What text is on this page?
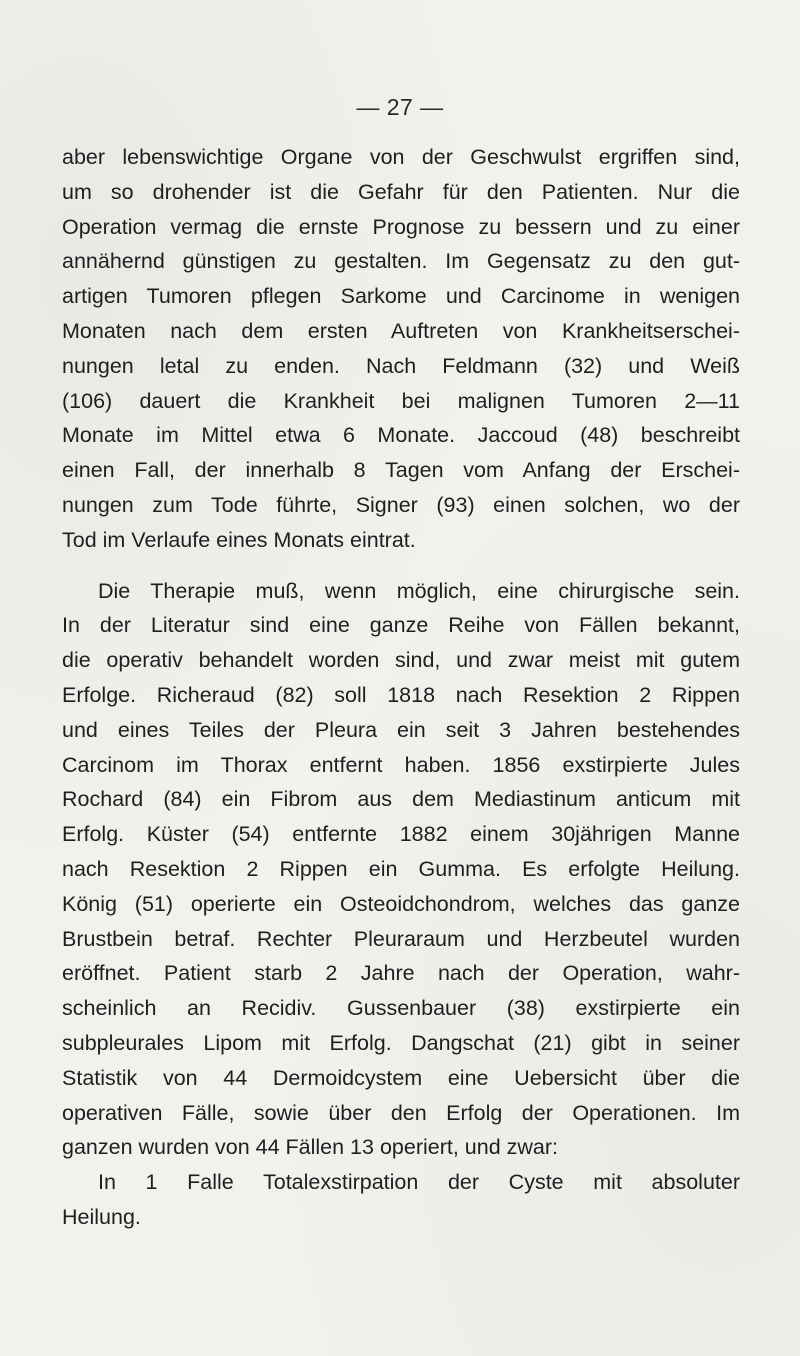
— 27 —
aber lebenswichtige Organe von der Geschwulst ergriffen sind,
um so drohender ist die Gefahr für den Patienten. Nur die
Operation vermag die ernste Prognose zu bessern und zu einer
annähernd günstigen zu gestalten. Im Gegensatz zu den gut-
artigen Tumoren pflegen Sarkome und Carcinome in wenigen
Monaten nach dem ersten Auftreten von Krankheitserschei-
nungen letal zu enden. Nach Feldmann (32) und Weiß
(106) dauert die Krankheit bei malignen Tumoren 2—11
Monate im Mittel etwa 6 Monate. Jaccoud (48) beschreibt
einen Fall, der innerhalb 8 Tagen vom Anfang der Erschei-
nungen zum Tode führte, Signer (93) einen solchen, wo der
Tod im Verlaufe eines Monats eintrat.
Die Therapie muß, wenn möglich, eine chirurgische sein.
In der Literatur sind eine ganze Reihe von Fällen bekannt,
die operativ behandelt worden sind, und zwar meist mit gutem
Erfolge. Richeraud (82) soll 1818 nach Resektion 2 Rippen
und eines Teiles der Pleura ein seit 3 Jahren bestehendes
Carcinom im Thorax entfernt haben. 1856 exstirpierte Jules
Rochard (84) ein Fibrom aus dem Mediastinum anticum mit
Erfolg. Küster (54) entfernte 1882 einem 30jährigen Manne
nach Resektion 2 Rippen ein Gumma. Es erfolgte Heilung.
König (51) operierte ein Osteoidchondrom, welches das ganze
Brustbein betraf. Rechter Pleuraraum und Herzbeutel wurden
eröffnet. Patient starb 2 Jahre nach der Operation, wahr-
scheinlich an Recidiv. Gussenbauer (38) exstirpierte ein
subpleurales Lipom mit Erfolg. Dangschat (21) gibt in seiner
Statistik von 44 Dermoidcystem eine Uebersicht über die
operativen Fälle, sowie über den Erfolg der Operationen. Im
ganzen wurden von 44 Fällen 13 operiert, und zwar:
In 1 Falle Totalexstirpation der Cyste mit absoluter
Heilung.
